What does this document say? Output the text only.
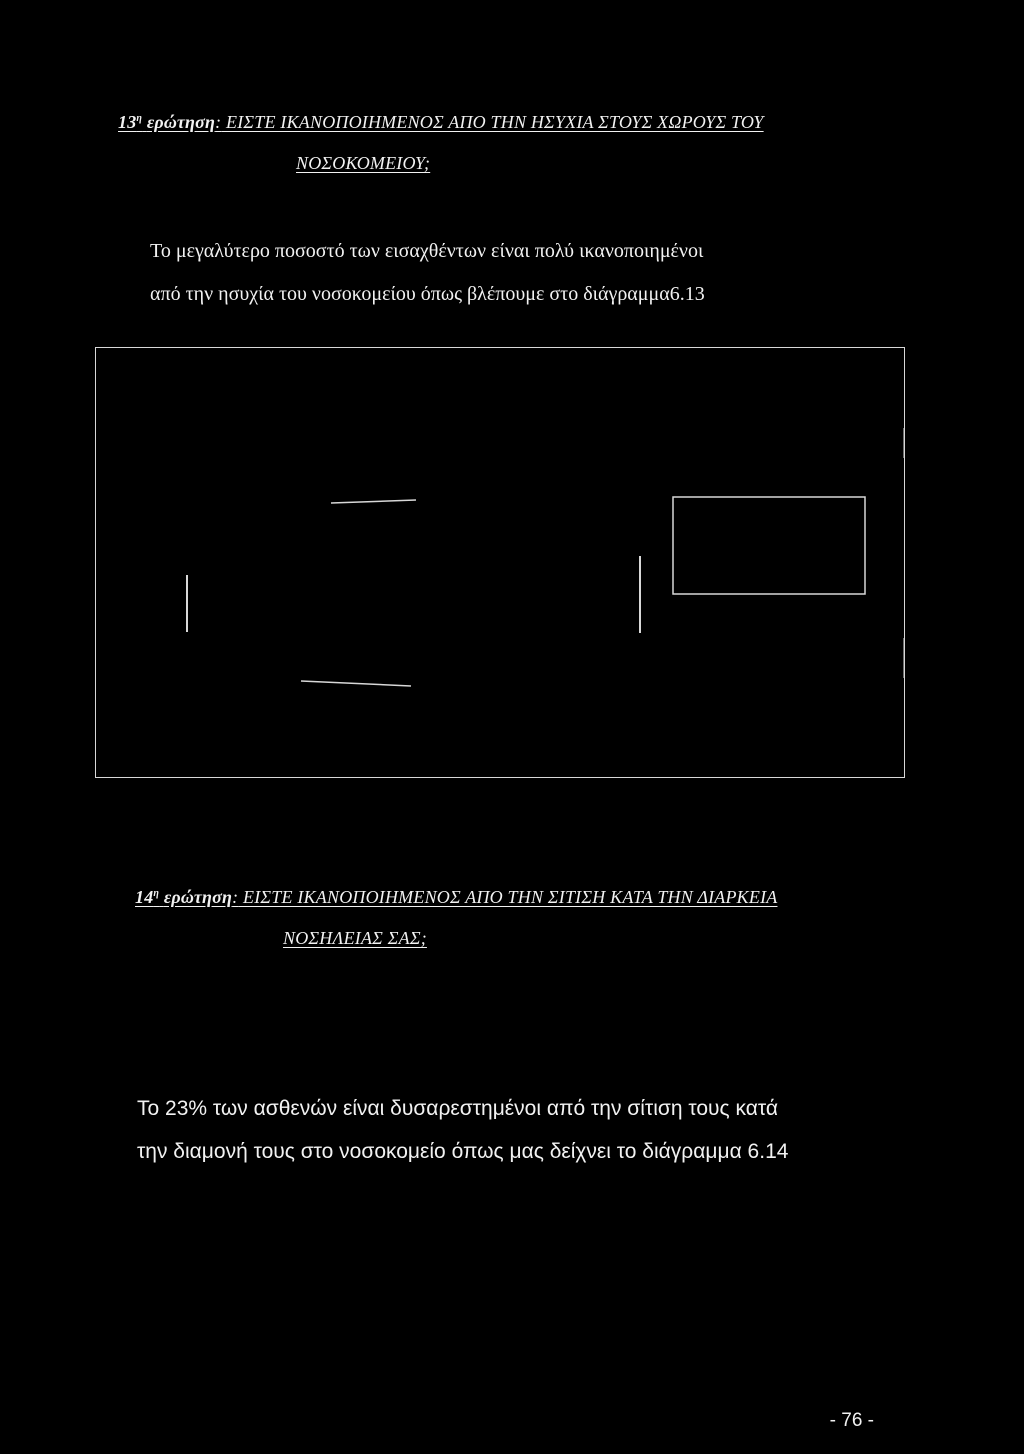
$13^\eta$ ερώτηση: ΕΙΣΤΕ ΙΚΑΝΟΠΟΙΗΜΕΝΟΣ ΑΠΟ ΤΗΝ ΗΣΥΧΙΑ ΣΤΟΥΣ ΧΩΡΟΥΣ ΤΟΥ
ΝΟΣΟΚΟΜΕΙΟΥ;
Το μεγαλύτερο ποσοστό των εισαχθέντων είναι πολύ ικανοποιημένοι
από την ησυχία του νοσοκομείου όπως βλέπουμε στο διάγραμμα6.13
$14^\eta$ ερώτηση: ΕΙΣΤΕ ΙΚΑΝΟΠΟΙΗΜΕΝΟΣ ΑΠΟ ΤΗΝ ΣΙΤΙΣΗ ΚΑΤΑ ΤΗΝ ΔΙΑΡΚΕΙΑ
ΝΟΣΗΛΕΙΑΣ ΣΑΣ;
Το 23% των ασθενών είναι δυσαρεστημένοι από την σίτιση τους κατά
την διαμονή τους στο νοσοκομείο όπως μας δείχνει το διάγραμμα 6.14
- 76 -
